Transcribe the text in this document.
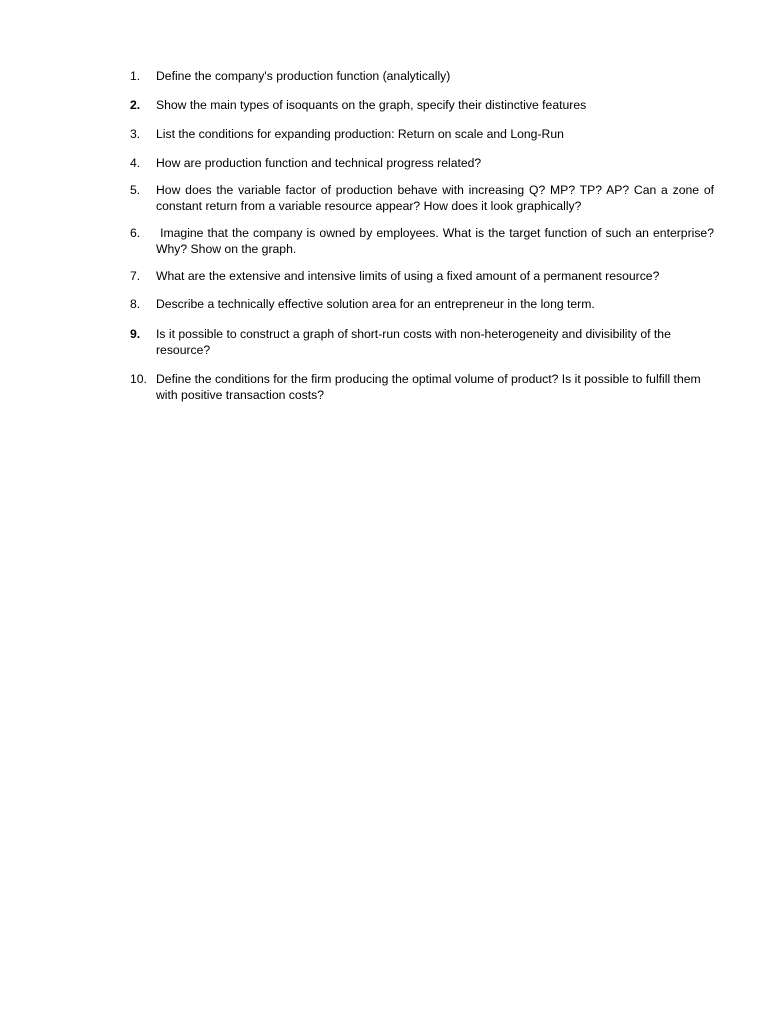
1.	Define the company's production function (analytically)
2.	Show the main types of isoquants on the graph, specify their distinctive features
3.	List the conditions for expanding production: Return on scale and Long-Run
4.	How are production function and technical progress related?
5.	How does the variable factor of production behave with increasing Q? MP? TP? AP? Can a zone of constant return from a variable resource appear? How does it look graphically?
6.	Imagine that the company is owned by employees. What is the target function of such an enterprise? Why? Show on the graph.
7.	What are the extensive and intensive limits of using a fixed amount of a permanent resource?
8.	Describe a technically effective solution area for an entrepreneur in the long term.
9.	Is it possible to construct a graph of short-run costs with non-heterogeneity and divisibility of the resource?
10. Define the conditions for the firm producing the optimal volume of product? Is it possible to fulfill them with positive transaction costs?
